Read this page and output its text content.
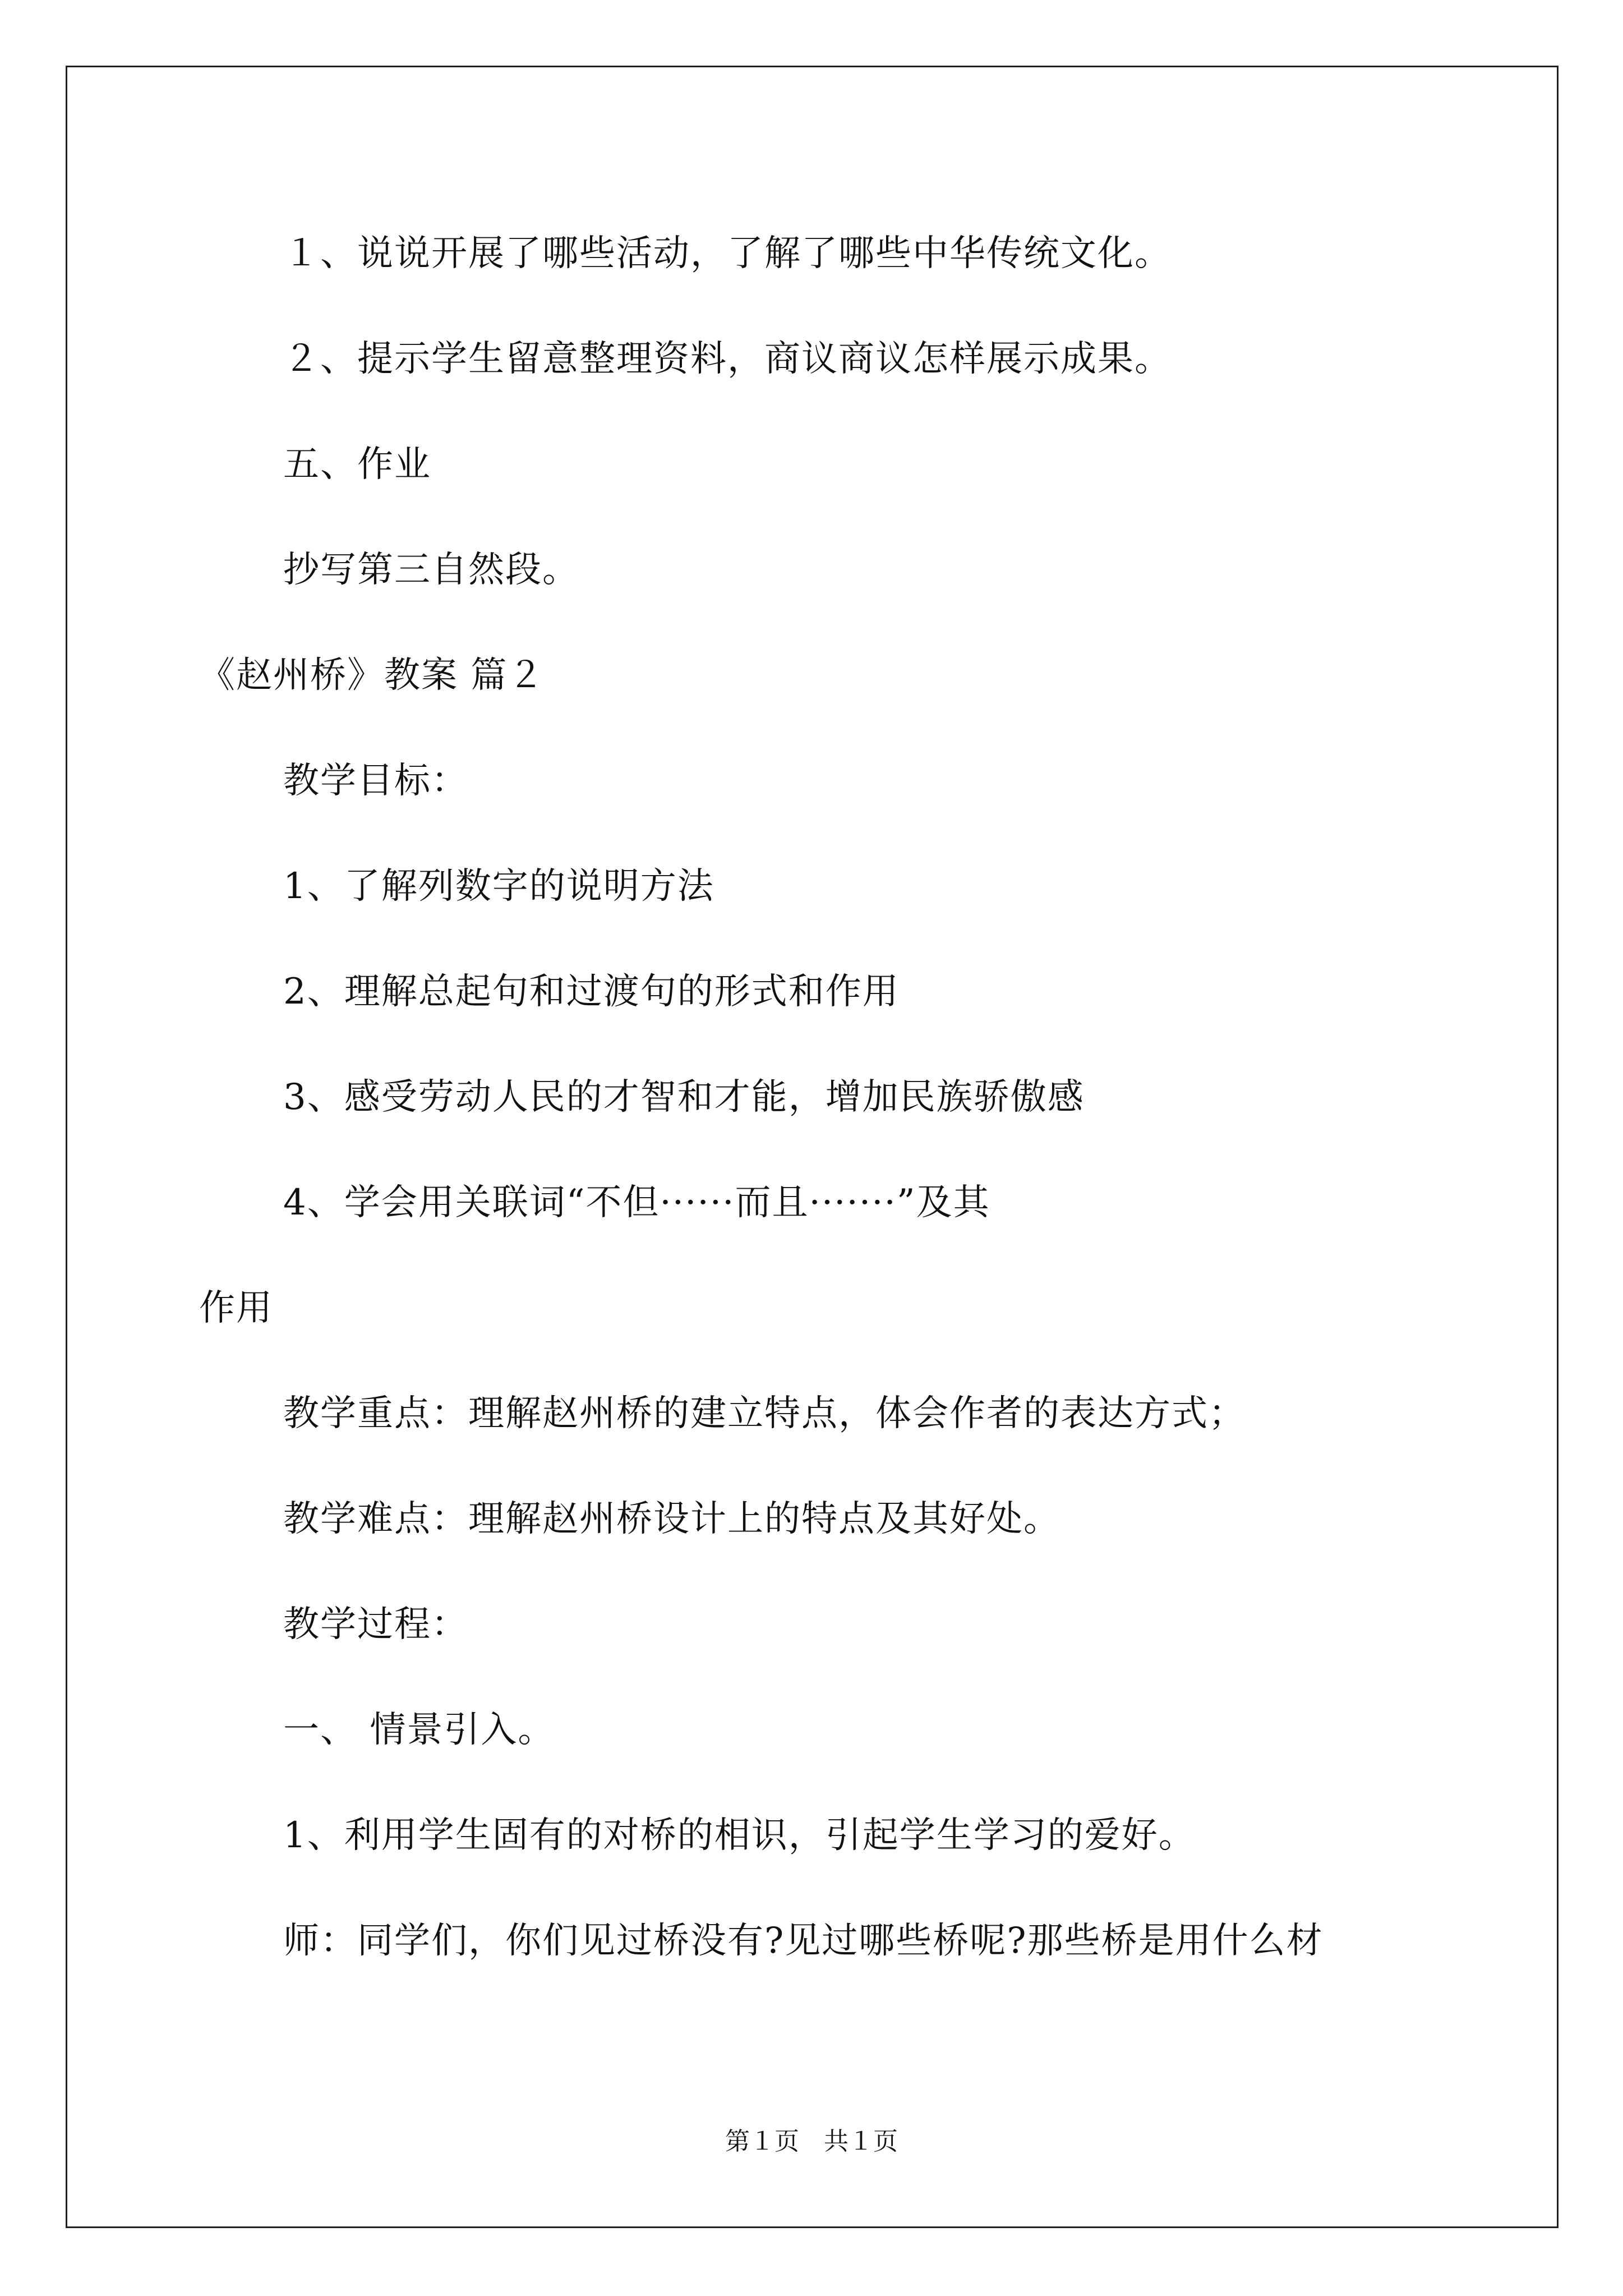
１、说说开展了哪些活动，了解了哪些中华传统文化。
２、提示学生留意整理资料，商议商议怎样展示成果。
五、作业
抄写第三自然段。
《赵州桥》教案 篇２
教学目标：
1、了解列数字的说明方法
2、理解总起句和过渡句的形式和作用
3、感受劳动人民的才智和才能，增加民族骄傲感
4、学会用关联词“不但······而且·······”及其
作用
教学重点：理解赵州桥的建立特点，体会作者的表达方式；
教学难点：理解赵州桥设计上的特点及其好处。
教学过程：
一、 情景引入。
1、利用学生固有的对桥的相识，引起学生学习的爱好。
师：同学们，你们见过桥没有?见过哪些桥呢?那些桥是用什么材
第１页　共１页
